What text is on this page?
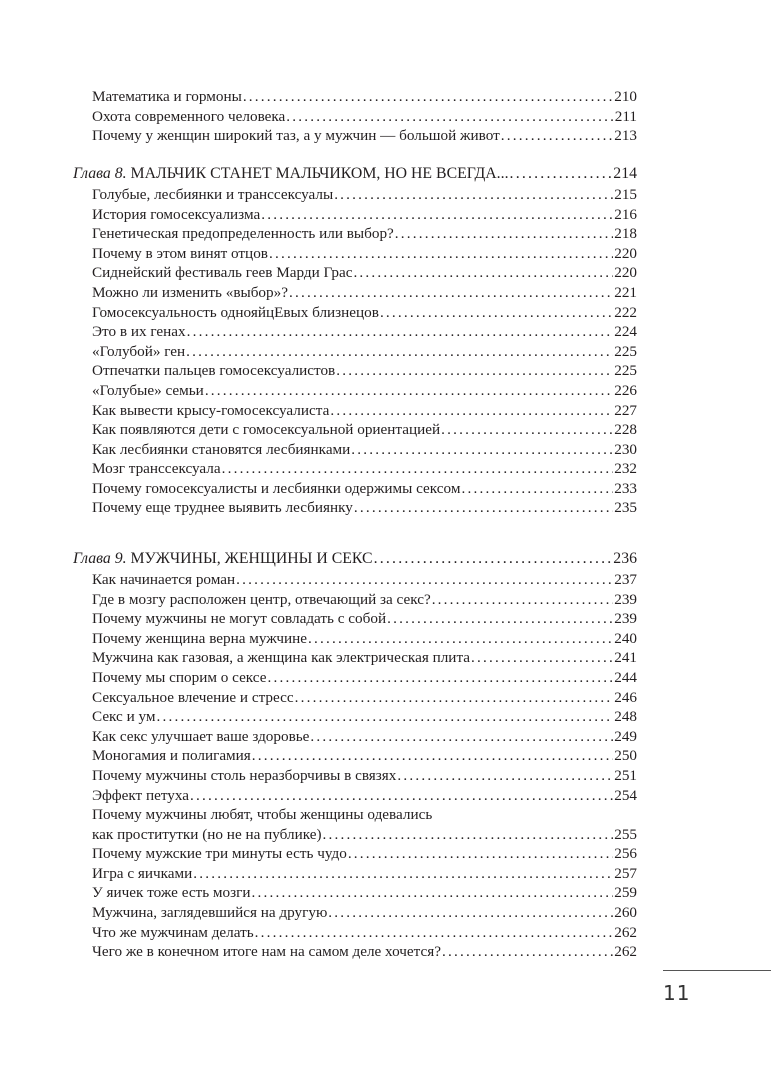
Математика и гормоны .....	210
Охота современного человека .....	211
Почему у женщин широкий таз, а у мужчин — большой живот .....	213
Глава 8. МАЛЬЧИК СТАНЕТ МАЛЬЧИКОМ, НО НЕ ВСЕГДА... .....	214
Голубые, лесбиянки и транссексуалы .....	215
История гомосексуализма .....	216
Генетическая предопределенность или выбор? .....	218
Почему в этом винят отцов .....	220
Сиднейский фестиваль геев Марди Грас .....	220
Можно ли изменить «выбор»? .....	221
Гомосексуальность однояйцЕвых близнецов .....	222
Это в их генах .....	224
«Голубой» ген .....	225
Отпечатки пальцев гомосексуалистов .....	225
«Голубые» семьи .....	226
Как вывести крысу-гомосексуалиста .....	227
Как появляются дети с гомосексуальной ориентацией .....	228
Как лесбиянки становятся лесбиянками .....	230
Мозг транссексуала .....	232
Почему гомосексуалисты и лесбиянки одержимы сексом .....	233
Почему еще труднее выявить лесбиянку .....	235
Глава 9. МУЖЧИНЫ, ЖЕНЩИНЫ И СЕКС .....	236
Как начинается роман .....	237
Где в мозгу расположен центр, отвечающий за секс? .....	239
Почему мужчины не могут совладать с собой .....	239
Почему женщина верна мужчине .....	240
Мужчина как газовая, а женщина как электрическая плита .....	241
Почему мы спорим о сексе .....	244
Сексуальное влечение и стресс .....	246
Секс и ум .....	248
Как секс улучшает ваше здоровье .....	249
Моногамия и полигамия .....	250
Почему мужчины столь неразборчивы в связях .....	251
Эффект петуха .....	254
Почему мужчины любят, чтобы женщины одевались
как проститутки (но не на публике) .....	255
Почему мужские три минуты есть чудо .....	256
Игра с яичками .....	257
У яичек тоже есть мозги .....	259
Мужчина, заглядевшийся на другую .....	260
Что же мужчинам делать .....	262
Чего же в конечном итоге нам на самом деле хочется? .....	262
11
